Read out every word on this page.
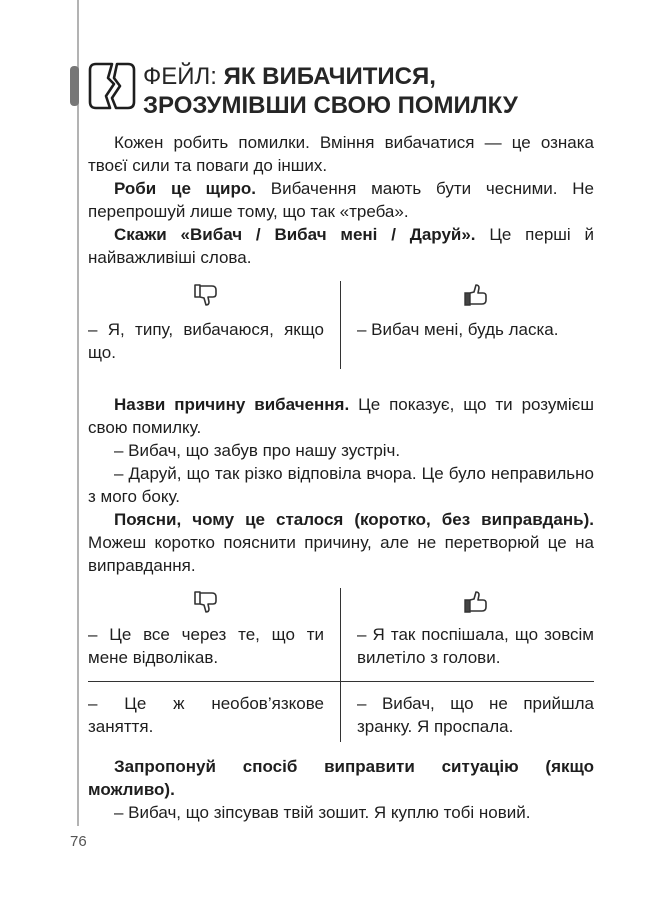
ФЕЙЛ: ЯК ВИБАЧИТИСЯ,
ЗРОЗУМІВШИ СВОЮ ПОМИЛКУ

Кожен робить помилки. Вміння вибачатися — це ознака твоєї сили та поваги до інших.

Роби це щиро. Вибачення мають бути чесними. Не перепрошуй лише тому, що так «треба».

Скажи «Вибач / Вибач мені / Даруй». Це перші й найважливіші слова.

– Я, типу, вибачаюся, якщо що.
– Вибач мені, будь ласка.

Назви причину вибачення. Це показує, що ти розумієш свою помилку.

– Вибач, що забув про нашу зустріч.

– Даруй, що так різко відповіла вчора. Це було неправильно з мого боку.

Поясни, чому це сталося (коротко, без виправдань). Можеш коротко пояснити причину, але не перетворюй це на виправдання.

– Це все через те, що ти мене відволікав.
– Я так поспішала, що зовсім вилетіло з голови.
– Це ж необов’язкове заняття.
– Вибач, що не прийшла зранку. Я проспала.

Запропонуй спосіб виправити ситуацію (якщо можливо).

– Вибач, що зіпсував твій зошит. Я куплю тобі новий.

76
